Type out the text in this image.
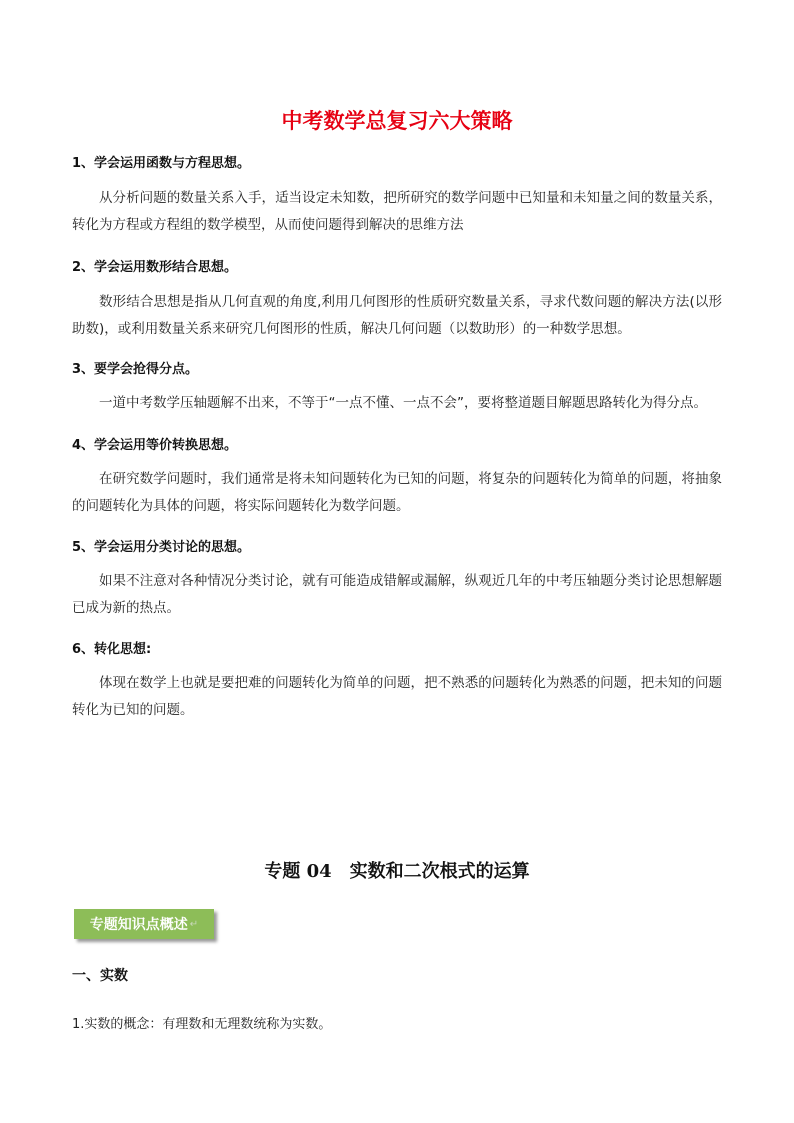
中考数学总复习六大策略
1、学会运用函数与方程思想。
从分析问题的数量关系入手，适当设定未知数，把所研究的数学问题中已知量和未知量之间的数量关系，转化为方程或方程组的数学模型，从而使问题得到解决的思维方法
2、学会运用数形结合思想。
数形结合思想是指从几何直观的角度,利用几何图形的性质研究数量关系，寻求代数问题的解决方法(以形助数)，或利用数量关系来研究几何图形的性质，解决几何问题（以数助形）的一种数学思想。
3、要学会抢得分点。
一道中考数学压轴题解不出来，不等于“一点不懂、一点不会”，要将整道题目解题思路转化为得分点。
4、学会运用等价转换思想。
在研究数学问题时，我们通常是将未知问题转化为已知的问题，将复杂的问题转化为简单的问题，将抽象的问题转化为具体的问题，将实际问题转化为数学问题。
5、学会运用分类讨论的思想。
如果不注意对各种情况分类讨论，就有可能造成错解或漏解，纵观近几年的中考压轴题分类讨论思想解题已成为新的热点。
6、转化思想:
体现在数学上也就是要把难的问题转化为简单的问题，把不熟悉的问题转化为熟悉的问题，把未知的问题转化为已知的问题。
专题 04　实数和二次根式的运算
专题知识点概述 ↵
一、实数
1.实数的概念：有理数和无理数统称为实数。
